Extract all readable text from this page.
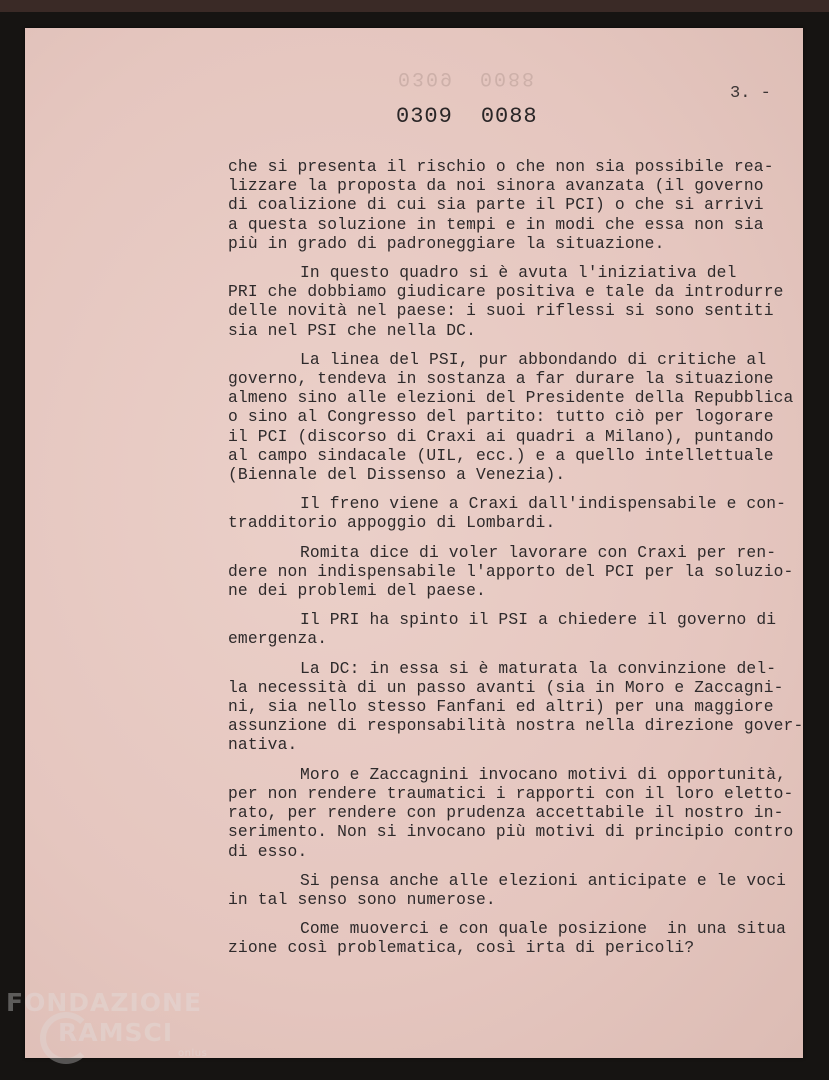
0309 0088
3. -
0309 0088
che si presenta il rischio o che non sia possibile rea-
lizzare la proposta da noi sinora avanzata (il governo
di coalizione di cui sia parte il PCI) o che si arrivi
a questa soluzione in tempi e in modi che essa non sia
più in grado di padroneggiare la situazione.
In questo quadro si è avuta l'iniziativa del
PRI che dobbiamo giudicare positiva e tale da introdurre
delle novità nel paese: i suoi riflessi si sono sentiti
sia nel PSI che nella DC.
La linea del PSI, pur abbondando di critiche al
governo, tendeva in sostanza a far durare la situazione
almeno sino alle elezioni del Presidente della Repubblica
o sino al Congresso del partito: tutto ciò per logorare
il PCI (discorso di Craxi ai quadri a Milano), puntando
al campo sindacale (UIL, ecc.) e a quello intellettuale
(Biennale del Dissenso a Venezia).
Il freno viene a Craxi dall'indispensabile e con-
tradditorio appoggio di Lombardi.
Romita dice di voler lavorare con Craxi per ren-
dere non indispensabile l'apporto del PCI per la soluzio-
ne dei problemi del paese.
Il PRI ha spinto il PSI a chiedere il governo di
emergenza.
La DC: in essa si è maturata la convinzione del-
la necessità di un passo avanti (sia in Moro e Zaccagni-
ni, sia nello stesso Fanfani ed altri) per una maggiore
assunzione di responsabilità nostra nella direzione gover-
nativa.
Moro e Zaccagnini invocano motivi di opportunità,
per non rendere traumatici i rapporti con il loro eletto-
rato, per rendere con prudenza accettabile il nostro in-
serimento. Non si invocano più motivi di principio contro
di esso.
Si pensa anche alle elezioni anticipate e le voci
in tal senso sono numerose.
Come muoverci e con quale posizione  in una situa
zione così problematica, così irta di pericoli?
FONDAZIONE
RAMSCI
onlus
